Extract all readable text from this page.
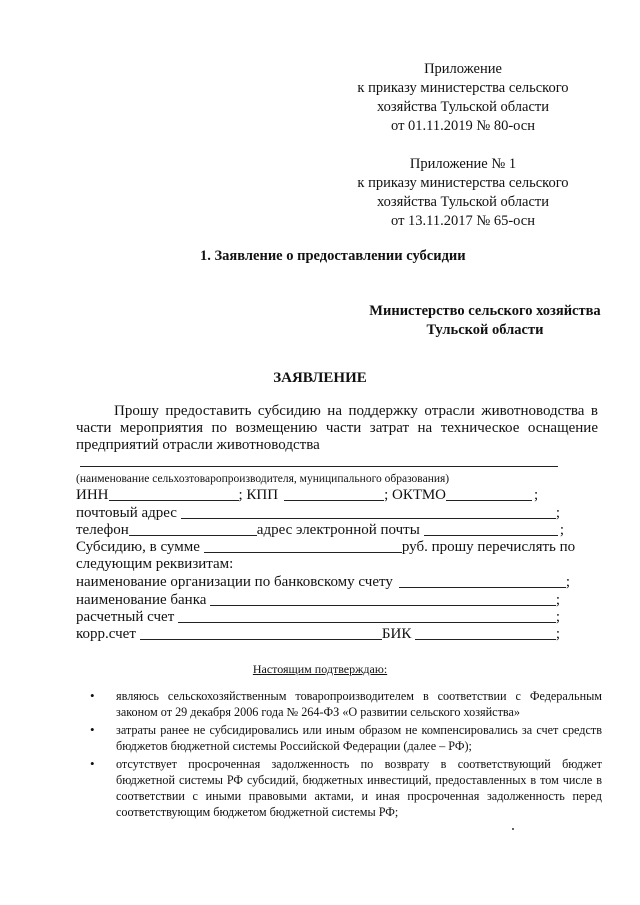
Приложение
к приказу министерства сельского
хозяйства Тульской области
от 01.11.2019 № 80-осн
Приложение № 1
к приказу министерства сельского
хозяйства Тульской области
от 13.11.2017 № 65-осн
1. Заявление о предоставлении субсидии
Министерство сельского хозяйства
Тульской области
ЗАЯВЛЕНИЕ

Прошу предоставить субсидию на поддержку отрасли животноводства в части мероприятия по возмещению части затрат на техническое оснащение предприятий отрасли животноводства

(наименование сельхозтоваропроизводителя, муниципального образования)
ИНН	; КПП	; ОКТМО	;
почтовый адрес	;
телефон	адрес электронной почты	;
Субсидию, в сумме	руб. прошу перечислять по
следующим реквизитам:
наименование организации по банковскому счету	;
наименование банка	;
расчетный счет	;
корр.счет	БИК	;
Настоящим подтверждаю:
• являюсь сельскохозяйственным товаропроизводителем в соответствии с Федеральным законом от 29 декабря 2006 года № 264-ФЗ «О развитии сельского хозяйства»
• затраты ранее не субсидировались или иным образом не компенсировались за счет средств бюджетов бюджетной системы Российской Федерации (далее – РФ);
• отсутствует просроченная задолженность по возврату в соответствующий бюджет бюджетной системы РФ субсидий, бюджетных инвестиций, предоставленных в том числе в соответствии с иными правовыми актами, и иная просроченная задолженность перед соответствующим бюджетом бюджетной системы РФ;
